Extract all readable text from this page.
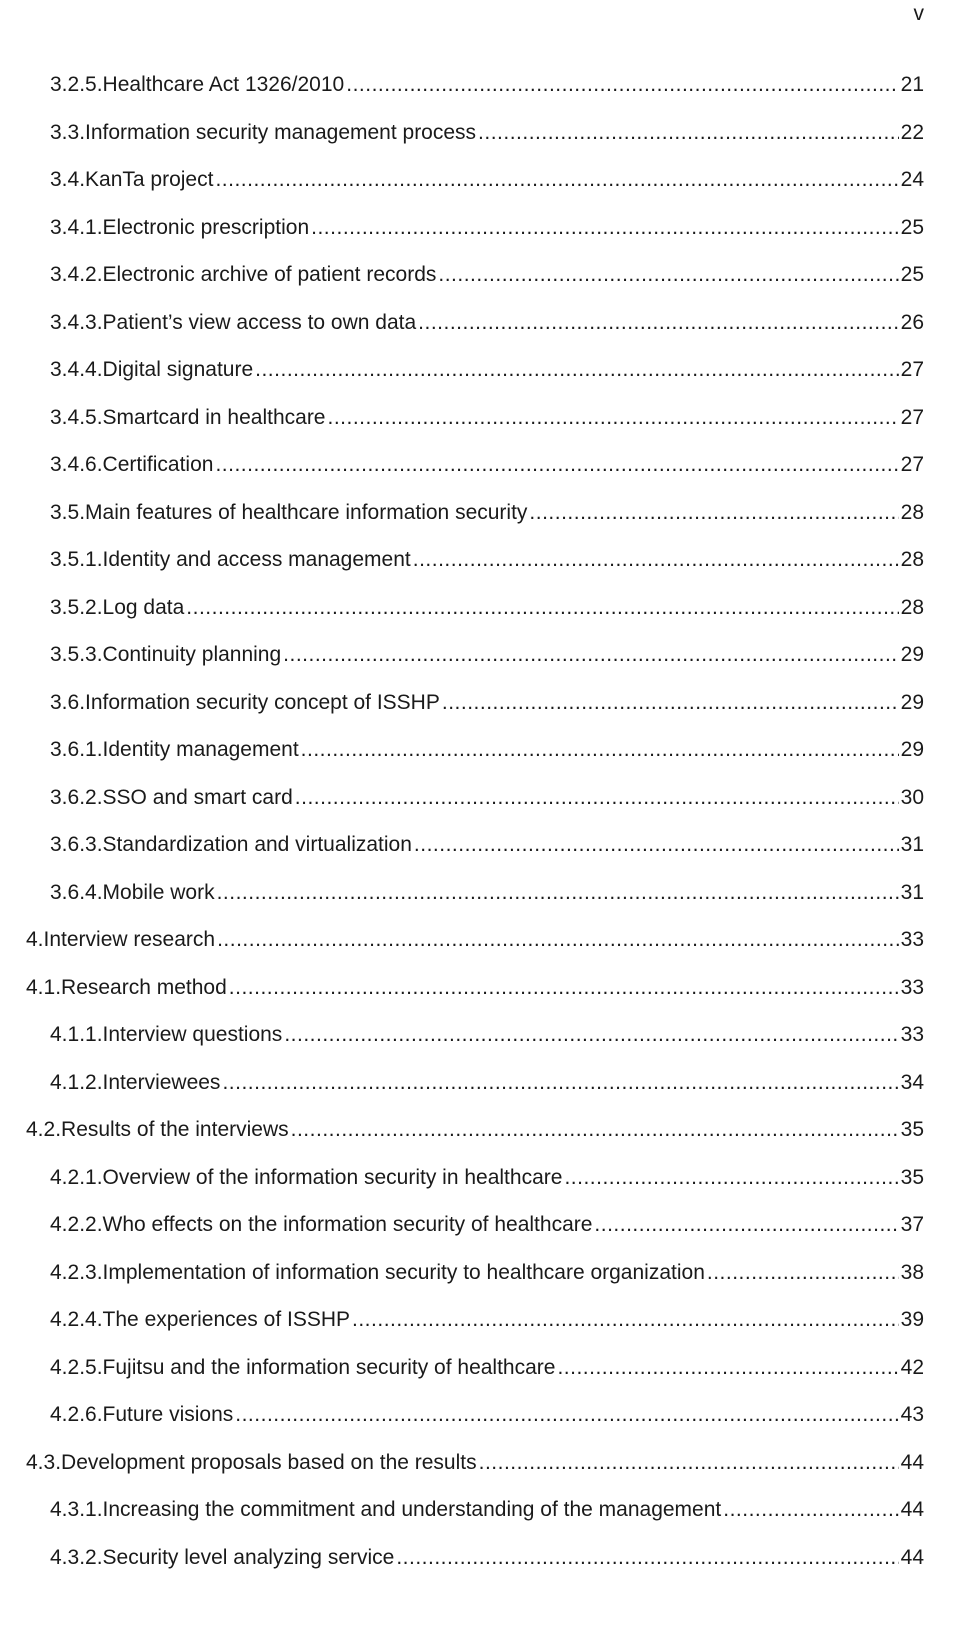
v
3.2.5. Healthcare Act 1326/2010 .....	21
3.3. Information security management process .....	22
3.4. KanTa project .....	24
3.4.1. Electronic prescription .....	25
3.4.2. Electronic archive of patient records .....	25
3.4.3. Patient’s view access to own data .....	26
3.4.4. Digital signature .....	27
3.4.5. Smartcard in healthcare .....	27
3.4.6. Certification .....	27
3.5. Main features of healthcare information security .....	28
3.5.1. Identity and access management .....	28
3.5.2. Log data .....	28
3.5.3. Continuity planning .....	29
3.6. Information security concept of ISSHP .....	29
3.6.1. Identity management .....	29
3.6.2. SSO and smart card .....	30
3.6.3. Standardization and virtualization .....	31
3.6.4. Mobile work .....	31
4. Interview research .....	33
4.1. Research method .....	33
4.1.1. Interview questions .....	33
4.1.2. Interviewees .....	34
4.2. Results of the interviews .....	35
4.2.1. Overview of the information security in healthcare .....	35
4.2.2. Who effects on the information security of healthcare .....	37
4.2.3. Implementation of information security to healthcare organization .....	38
4.2.4. The experiences of ISSHP .....	39
4.2.5. Fujitsu and the information security of healthcare .....	42
4.2.6. Future visions .....	43
4.3. Development proposals based on the results .....	44
4.3.1. Increasing the commitment and understanding of the management .....	44
4.3.2. Security level analyzing service .....	44
